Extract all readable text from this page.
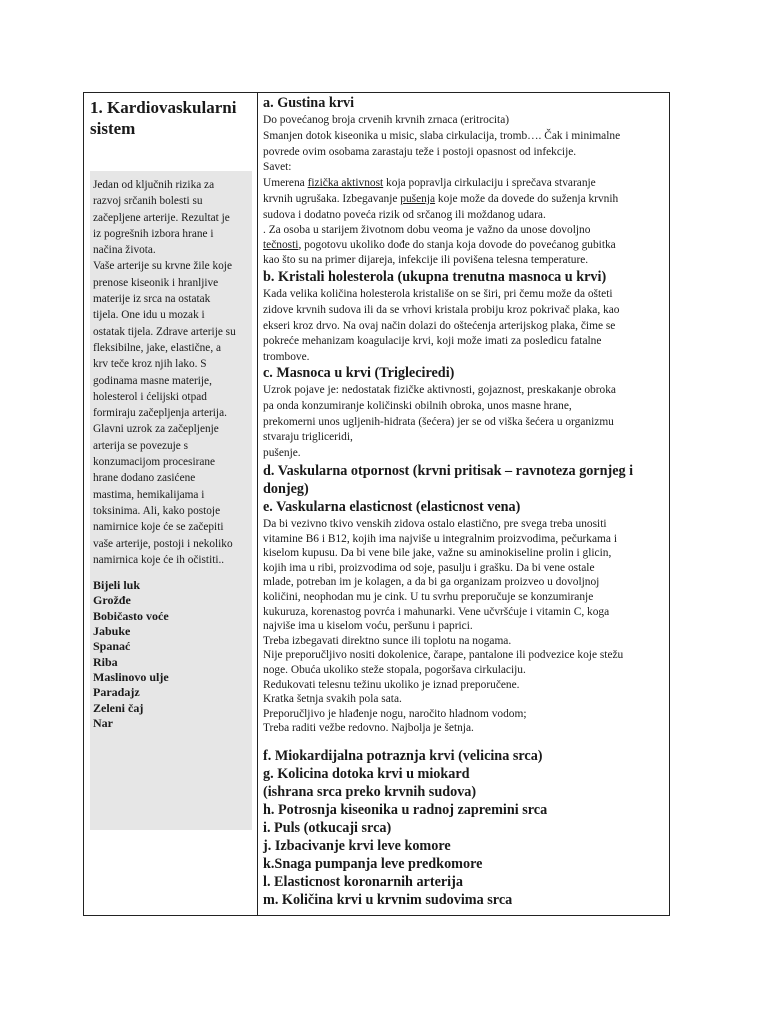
1. Kardiovaskularni sistem

Jedan od ključnih rizika za
razvoj srčanih bolesti su
začepljene arterije. Rezultat je
iz pogrešnih izbora hrane i
načina života.
Vaše arterije su krvne žile koje
prenose kiseonik i hranljive
materije iz srca na ostatak
tijela. One idu u mozak i
ostatak tijela. Zdrave arterije su
fleksibilne, jake, elastične, a
krv teče kroz njih lako. S
godinama masne materije,
holesterol i ćelijski otpad
formiraju začepljenja arterija.
Glavni uzrok za začepljenje
arterija se povezuje s
konzumacijom procesirane
hrane dodano zasićene
mastima, hemikalijama i
toksinima. Ali, kako postoje
namirnice koje će se začepiti
vaše arterije, postoji i nekoliko
namirnica koje će ih očistiti..

Bijeli luk
Grožđe
Bobičasto voće
Jabuke
Spanać
Riba
Maslinovo ulje
Paradajz
Zeleni čaj
Nar

a. Gustina krvi

Do povećanog broja crvenih krvnih zrnaca (eritrocita)
Smanjen dotok kiseonika u misic, slaba cirkulacija, tromb…. Čak i minimalne
povrede ovim osobama zarastaju teže i postoji opasnost od infekcije.
Savet:

Umerena fizička aktivnost koja popravlja cirkulaciju i sprečava stvaranje
krvnih ugrušaka. Izbegavanje pušenja koje može da dovede do suženja krvnih
sudova i dodatno poveća rizik od srčanog ili moždanog udara.

. Za osoba u starijem životnom dobu veoma je važno da unose dovoljno
tečnosti, pogotovu ukoliko dođe do stanja koja dovode do povećanog gubitka
kao što su na primer dijareja, infekcije ili povišena telesna temperature.

b. Kristali holesterola (ukupna trenutna masnoca u krvi)

Kada velika količina holesterola kristališe on se širi, pri čemu može da ošteti
zidove krvnih sudova ili da se vrhovi kristala probiju kroz pokrivač plaka, kao
ekseri kroz drvo. Na ovaj način dolazi do oštećenja arterijskog plaka, čime se
pokreće mehanizam koagulacije krvi, koji može imati za posledicu fatalne
trombove.

c. Masnoca u krvi (Trigleciredi)

Uzrok pojave je: nedostatak fizičke aktivnosti, gojaznost, preskakanje obroka
pa onda konzumiranje količinski obilnih obroka, unos masne hrane,
prekomerni unos ugljenih-hidrata (šećera) jer se od viška šećera u organizmu
stvaraju trigliceridi,
pušenje.

d. Vaskularna otpornost (krvni pritisak – ravnoteza gornjeg i
donjeg)

e. Vaskularna elasticnost (elasticnost vena)

Da bi vezivno tkivo venskih zidova ostalo elastično, pre svega treba unositi
vitamine B6 i B12, kojih ima najviše u integralnim proizvodima, pečurkama i
kiselom kupusu. Da bi vene bile jake, važne su aminokiseline prolin i glicin,
kojih ima u ribi, proizvodima od soje, pasulju i grašku. Da bi vene ostale
mlade, potreban im je kolagen, a da bi ga organizam proizveo u dovoljnoj
količini, neophodan mu je cink. U tu svrhu preporučuje se konzumiranje
kukuruza, korenastog povrća i mahunarki. Vene učvršćuje i vitamin C, koga
najviše ima u kiselom voću, peršunu i paprici.
Treba izbegavati direktno sunce ili toplotu na nogama.
Nije preporučljivo nositi dokolenice, čarape, pantalone ili podvezice koje stežu
noge. Obuća ukoliko steže stopala, pogoršava cirkulaciju.
Redukovati telesnu težinu ukoliko je iznad preporučene.
Kratka šetnja svakih pola sata.
Preporučljivo je hlađenje nogu, naročito hladnom vodom;
Treba raditi vežbe redovno. Najbolja je šetnja.

f. Miokardijalna potraznja krvi (velicina srca)

g. Kolicina dotoka krvi u miokard
(ishrana srca preko krvnih sudova)

h. Potrosnja kiseonika u radnoj zapremini srca

i. Puls (otkucaji srca)

j. Izbacivanje krvi leve komore

k.Snaga pumpanja leve predkomore

l. Elasticnost koronarnih arterija

m. Količina krvi u krvnim sudovima srca
